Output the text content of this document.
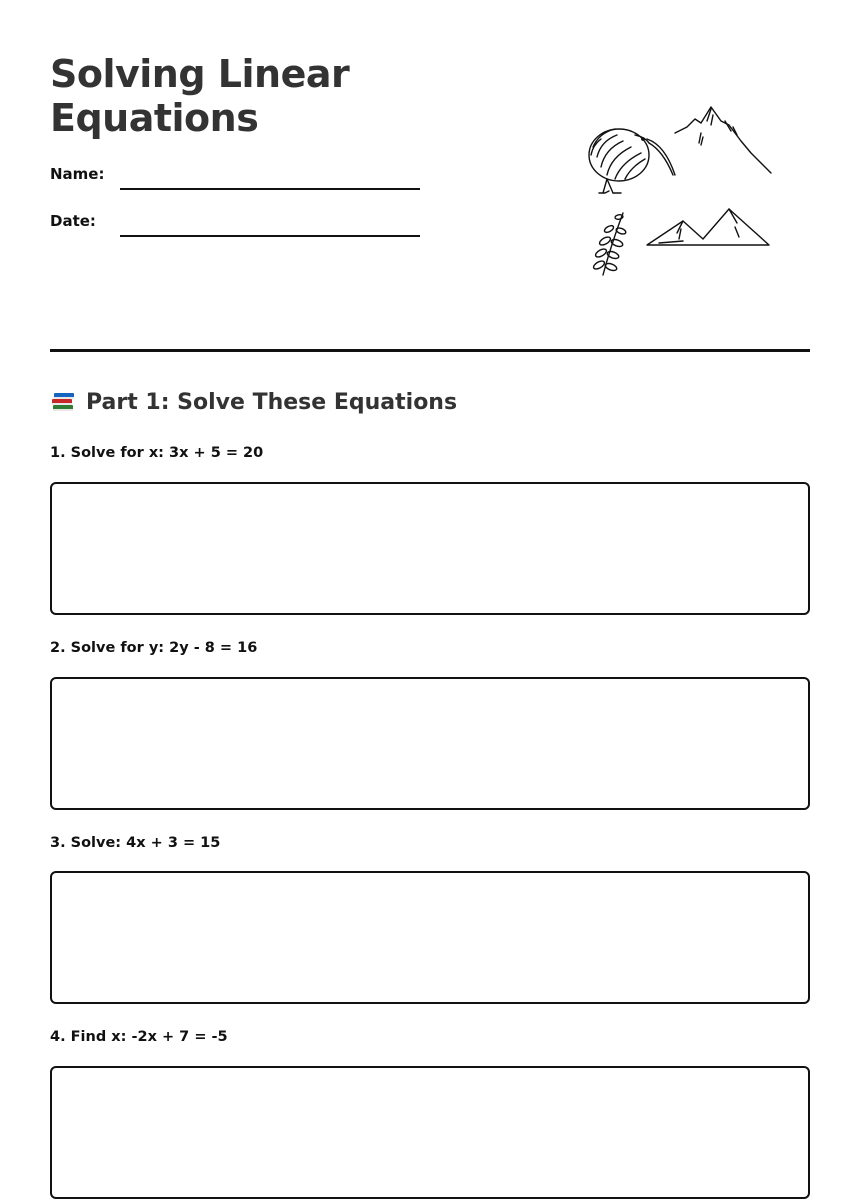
Solving Linear Equations
Name:
Date:
Part 1: Solve These Equations
1. Solve for x: 3x + 5 = 20
2. Solve for y: 2y - 8 = 16
3. Solve: 4x + 3 = 15
4. Find x: -2x + 7 = -5
